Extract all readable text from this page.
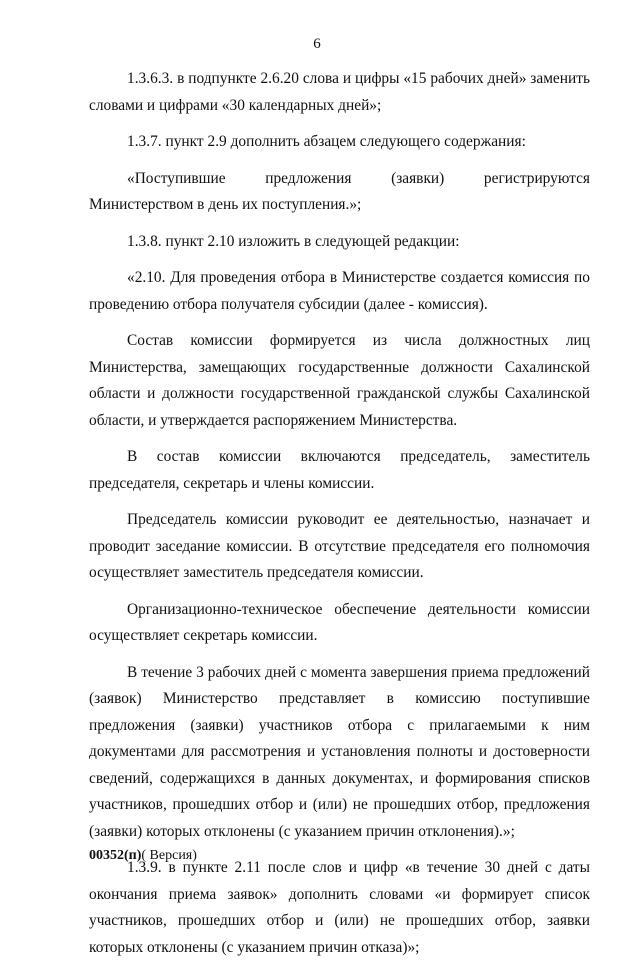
6

1.3.6.3. в подпункте 2.6.20 слова и цифры «15 рабочих дней» заменить словами и цифрами «30 календарных дней»;

1.3.7. пункт 2.9 дополнить абзацем следующего содержания:

«Поступившие предложения (заявки) регистрируются Министерством в день их поступления.»;

1.3.8. пункт 2.10 изложить в следующей редакции:

«2.10. Для проведения отбора в Министерстве создается комиссия по проведению отбора получателя субсидии (далее - комиссия).

Состав комиссии формируется из числа должностных лиц Министерства, замещающих государственные должности Сахалинской области и должности государственной гражданской службы Сахалинской области, и утверждается распоряжением Министерства.

В состав комиссии включаются председатель, заместитель председателя, секретарь и члены комиссии.

Председатель комиссии руководит ее деятельностью, назначает и проводит заседание комиссии. В отсутствие председателя его полномочия осуществляет заместитель председателя комиссии.

Организационно-техническое обеспечение деятельности комиссии осуществляет секретарь комиссии.

В течение 3 рабочих дней с момента завершения приема предложений (заявок) Министерство представляет в комиссию поступившие предложения (заявки) участников отбора с прилагаемыми к ним документами для рассмотрения и установления полноты и достоверности сведений, содержащихся в данных документах, и формирования списков участников, прошедших отбор и (или) не прошедших отбор, предложения (заявки) которых отклонены (с указанием причин отклонения).»;

1.3.9. в пункте 2.11 после слов и цифр «в течение 30 дней с даты окончания приема заявок» дополнить словами «и формирует список участников, прошедших отбор и (или) не прошедших отбор, заявки которых отклонены (с указанием причин отказа)»;

00352(п)( Версия)
